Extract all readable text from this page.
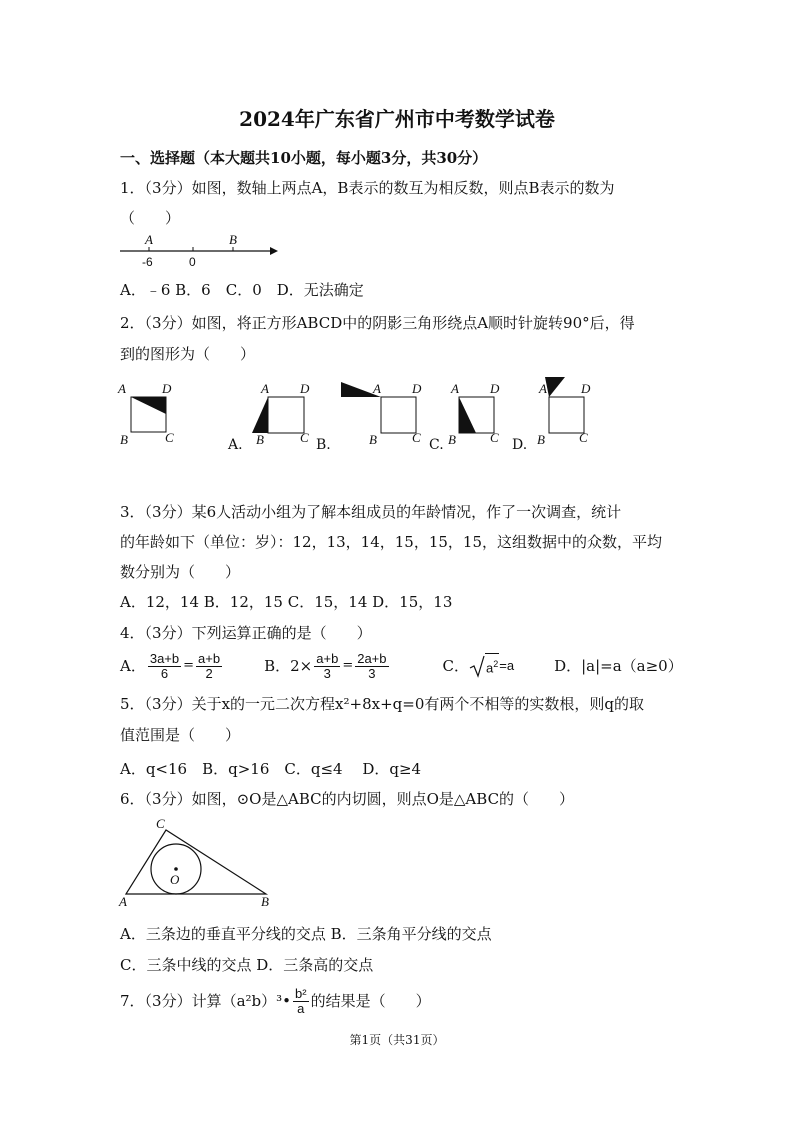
2024年广东省广州市中考数学试卷
一、选择题（本大题共10小题，每小题3分，共30分）
1．（3分）如图，数轴上两点A，B表示的数互为相反数，则点B表示的数为
（　　）
A	B
-6	0
A．﹣6 B．6　C．0　D．无法确定
2．（3分）如图，将正方形ABCD中的阴影三角形绕点A顺时针旋转90°后，得
到的图形为（　　）
A	D
B	C
A D
B	C
A D
B	C
A D
B	C
A	D
B	C
A.	B.	C.	D.
3．（3分）某6人活动小组为了解本组成员的年龄情况，作了一次调查，统计
的年龄如下（单位：岁）：12，13，14，15，15，15，这组数据中的众数，平均
数分别为（　　）
A．12，14 B．12，15 C．15，14 D．15，13
4．（3分）下列运算正确的是（　　）
A． $\frac{3a+b}{6} = \frac{a+b}{2}$	B．$2\times \frac{a+b}{3} = \frac{2a+b}{3}$	C． $a^2 =a$	D．|a|=a（a≥0）
5．（3分）关于x的一元二次方程x²+8x+q=0有两个不相等的实数根，则q的取
值范围是（　　）
A．q<16　B．q>16　C．q≤4　 D．q≥4
6．（3分）如图，⊙O是△ABC的内切圆，则点O是△ABC的（　　）
C
A	B
O
A．三条边的垂直平分线的交点 B．三条角平分线的交点
C．三条中线的交点 D．三条高的交点
7．（3分）计算（a²b）³• $\frac{\text{b²}}{a}$ 的结果是（　　）
第1页（共31页）
